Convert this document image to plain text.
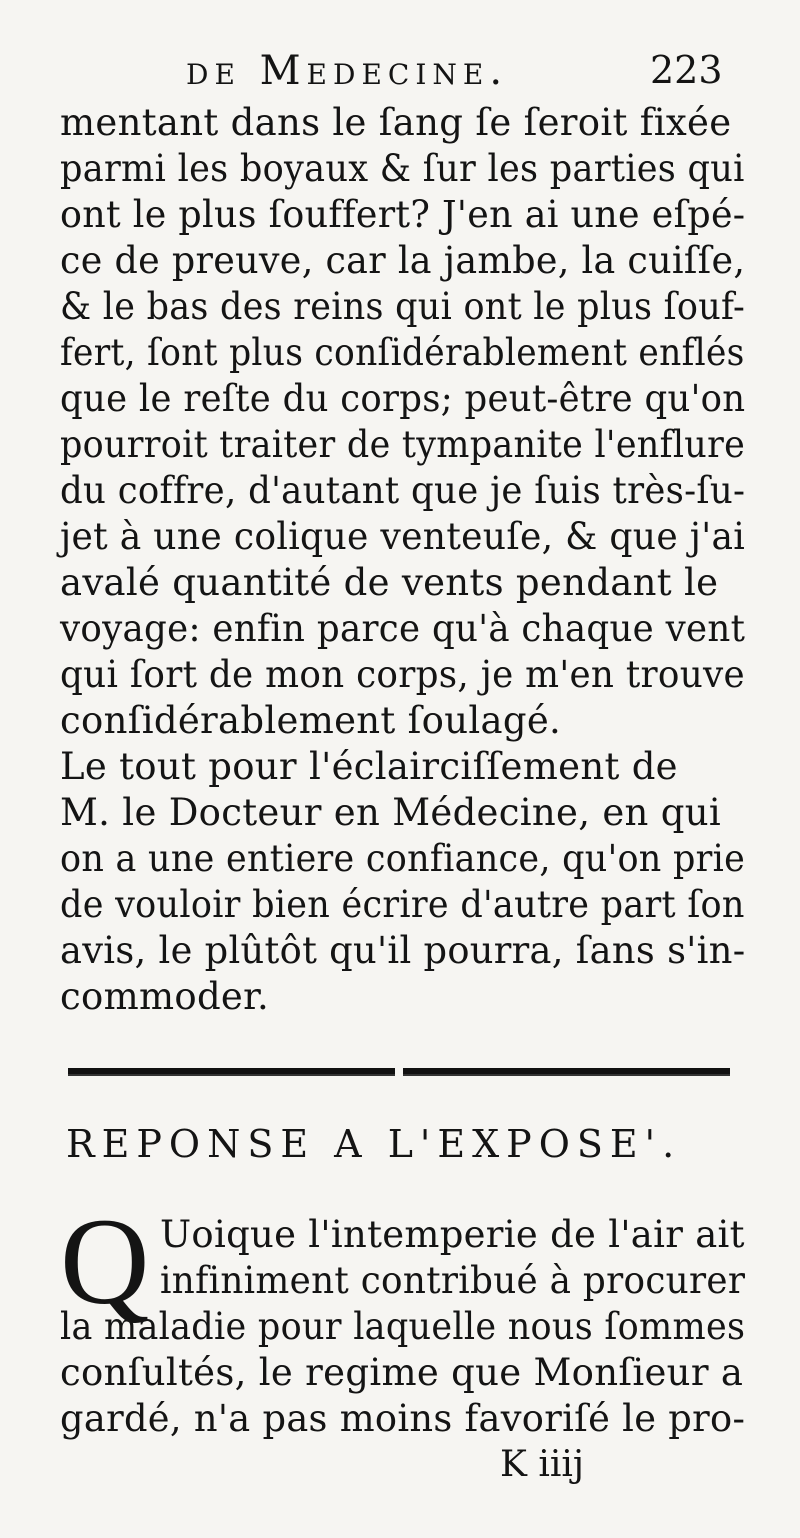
de Medecine.	223
mentant dans le ſang ſe ſeroit fixée
parmi les boyaux & ſur les parties qui
ont le plus ſouffert? J'en ai une eſpé-
ce de preuve, car la jambe, la cuiſſe,
& le bas des reins qui ont le plus ſouf-
fert, ſont plus conſidérablement enflés
que le reſte du corps; peut-être qu'on
pourroit traiter de tympanite l'enflure
du coffre, d'autant que je ſuis très-ſu-
jet à une colique venteuſe, & que j'ai
avalé quantité de vents pendant le
voyage: enfin parce qu'à chaque vent
qui ſort de mon corps, je m'en trouve
conſidérablement ſoulagé.
Le tout pour l'éclairciſſement de
M. le Docteur en Médecine, en qui
on a une entiere confiance, qu'on prie
de vouloir bien écrire d'autre part ſon
avis, le plûtôt qu'il pourra, ſans s'in-
commoder.
REPONSE A L'EXPOSE'.
Q Uoique l'intemperie de l'air ait
infiniment contribué à procurer
la maladie pour laquelle nous ſommes
conſultés, le regime que Monſieur a
gardé, n'a pas moins favoriſé le pro-
K iiij
